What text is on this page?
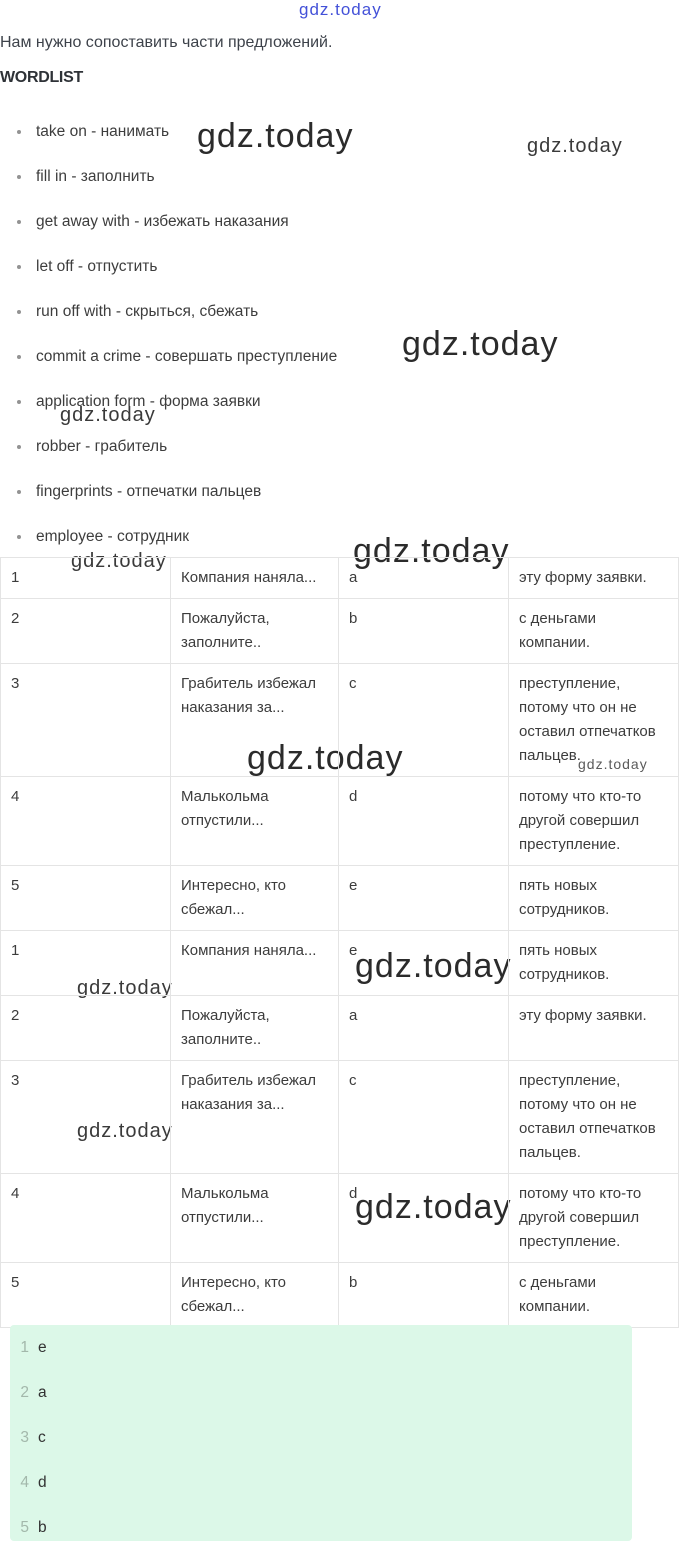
gdz.today
gdz.today	gdz.today
gdz.today
gdz.today
gdz.today
gdz.today
gdz.today	gdz.today
gdz.today
gdz.today
gdz.today
gdz.today

Нам нужно сопоставить части предложений.

WORDLIST
take on - нанимать
fill in - заполнить
get away with - избежать наказания
let off - отпустить
run off with - скрыться, сбежать
commit a crime - совершать преступление
application form - форма заявки
robber - грабитель
fingerprints - отпечатки пальцев
employee - сотрудник
1	Компания наняла...	a	эту форму заявки.
2	Пожалуйста, заполните..	b	с деньгами компании.
3	Грабитель избежал наказания за...	c	преступление, потому что он не оставил отпечатков пальцев.
4	Малькольма отпустили...	d	потому что кто-то другой совершил преступление.
5	Интересно, кто сбежал...	e	пять новых сотрудников.
1	Компания наняла...	e	пять новых сотрудников.
2	Пожалуйста, заполните..	a	эту форму заявки.
3	Грабитель избежал наказания за...	c	преступление, потому что он не оставил отпечатков пальцев.
4	Малькольма отпустили...	d	потому что кто-то другой совершил преступление.
5	Интересно, кто сбежал...	b	с деньгами компании.
1 e
2 a
3 c
4 d
5 b
